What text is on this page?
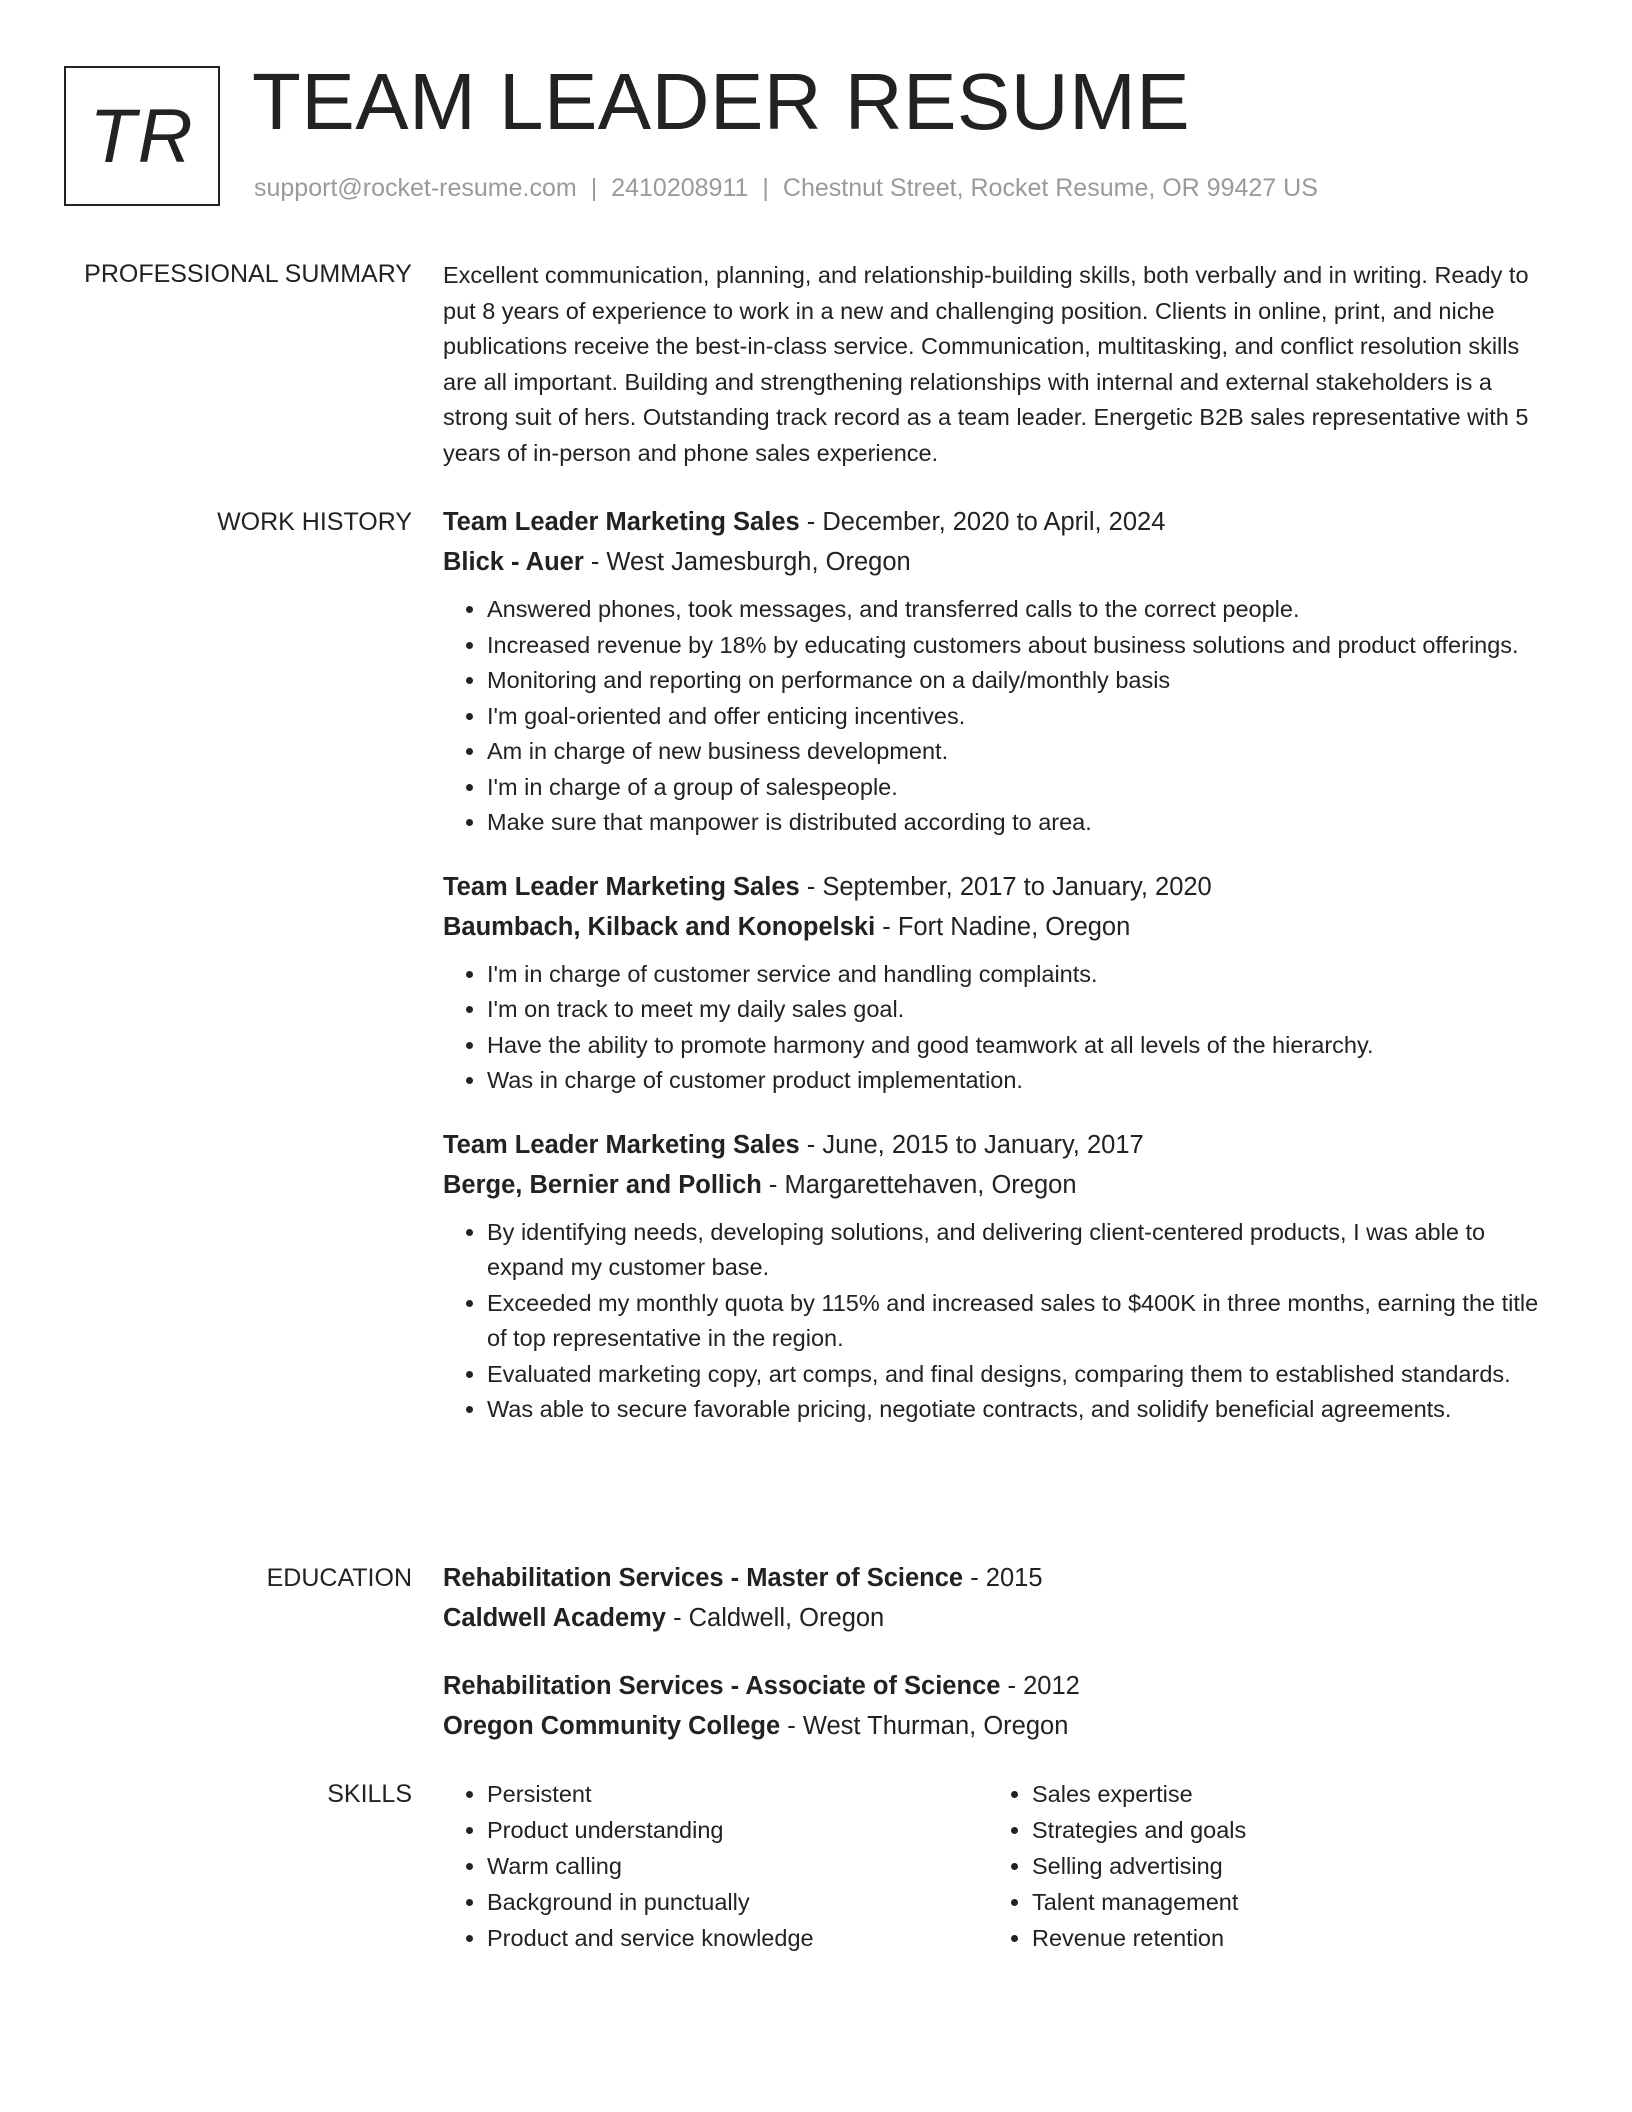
TR TEAM LEADER RESUME
support@rocket-resume.com | 2410208911 | Chestnut Street, Rocket Resume, OR 99427 US
PROFESSIONAL SUMMARY Excellent communication, planning, and relationship-building skills, both verbally and in writing. Ready to put 8 years of experience to work in a new and challenging position. Clients in online, print, and niche publications receive the best-in-class service. Communication, multitasking, and conflict resolution skills are all important. Building and strengthening relationships with internal and external stakeholders is a strong suit of hers. Outstanding track record as a team leader. Energetic B2B sales representative with 5 years of in-person and phone sales experience.

WORK HISTORY Team Leader Marketing Sales - December, 2020 to April, 2024
Blick - Auer - West Jamesburgh, Oregon
• Answered phones, took messages, and transferred calls to the correct people.
• Increased revenue by 18% by educating customers about business solutions and product offerings.
• Monitoring and reporting on performance on a daily/monthly basis
• I'm goal-oriented and offer enticing incentives.
• Am in charge of new business development.
• I'm in charge of a group of salespeople.
• Make sure that manpower is distributed according to area.
Team Leader Marketing Sales - September, 2017 to January, 2020
Baumbach, Kilback and Konopelski - Fort Nadine, Oregon
• I'm in charge of customer service and handling complaints.
• I'm on track to meet my daily sales goal.
• Have the ability to promote harmony and good teamwork at all levels of the hierarchy.
• Was in charge of customer product implementation.
Team Leader Marketing Sales - June, 2015 to January, 2017
Berge, Bernier and Pollich - Margarettehaven, Oregon
• By identifying needs, developing solutions, and delivering client-centered products, I was able to expand my customer base.
• Exceeded my monthly quota by 115% and increased sales to $400K in three months, earning the title of top representative in the region.
• Evaluated marketing copy, art comps, and final designs, comparing them to established standards.
• Was able to secure favorable pricing, negotiate contracts, and solidify beneficial agreements.
EDUCATION Rehabilitation Services - Master of Science - 2015
Caldwell Academy - Caldwell, Oregon
Rehabilitation Services - Associate of Science - 2012
Oregon Community College - West Thurman, Oregon
SKILLS
•	Persistent
• Product understanding
• Warm calling
• Background in punctually
• Product and service knowledge
• Sales expertise
• Strategies and goals
• Selling advertising
• Talent management
• Revenue retention
